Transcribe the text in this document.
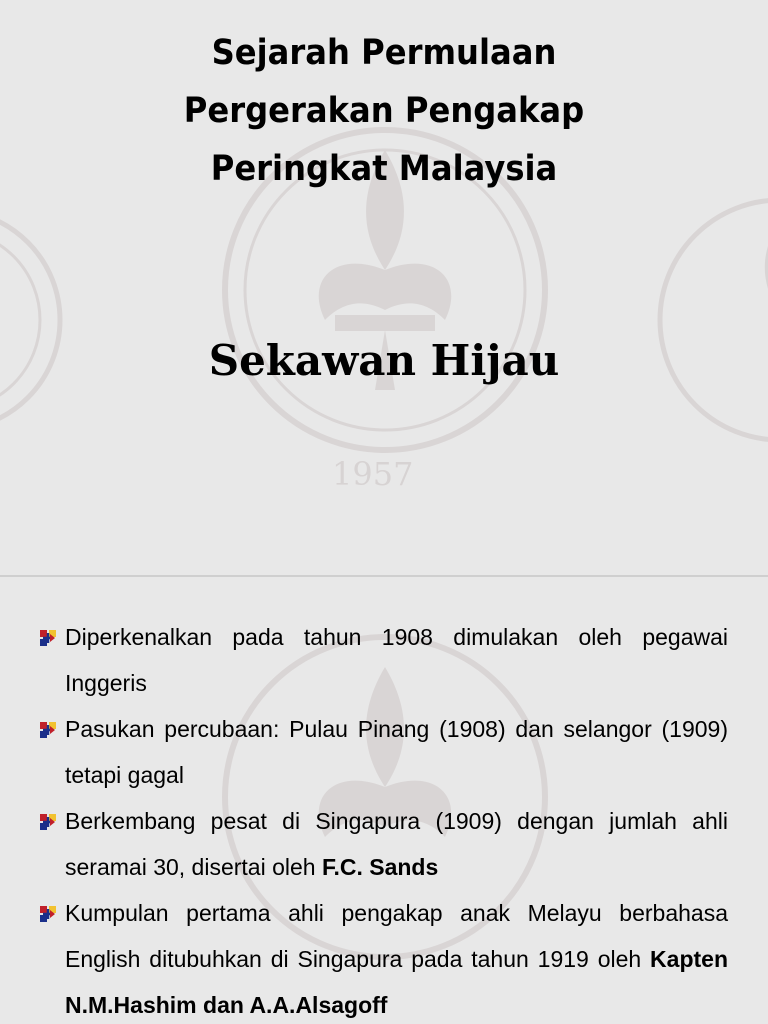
1957
Sejarah Permulaan
Pergerakan Pengakap
Peringkat Malaysia
Sekawan Hijau
Diperkenalkan pada tahun 1908 dimulakan oleh pegawai Inggeris
Pasukan percubaan: Pulau Pinang (1908) dan selangor (1909) tetapi gagal
Berkembang pesat di Singapura (1909) dengan jumlah ahli seramai 30, disertai oleh F.C. Sands
Kumpulan pertama ahli pengakap anak Melayu berbahasa English ditubuhkan di Singapura pada tahun 1919 oleh Kapten N.M.Hashim dan A.A.Alsagoff
